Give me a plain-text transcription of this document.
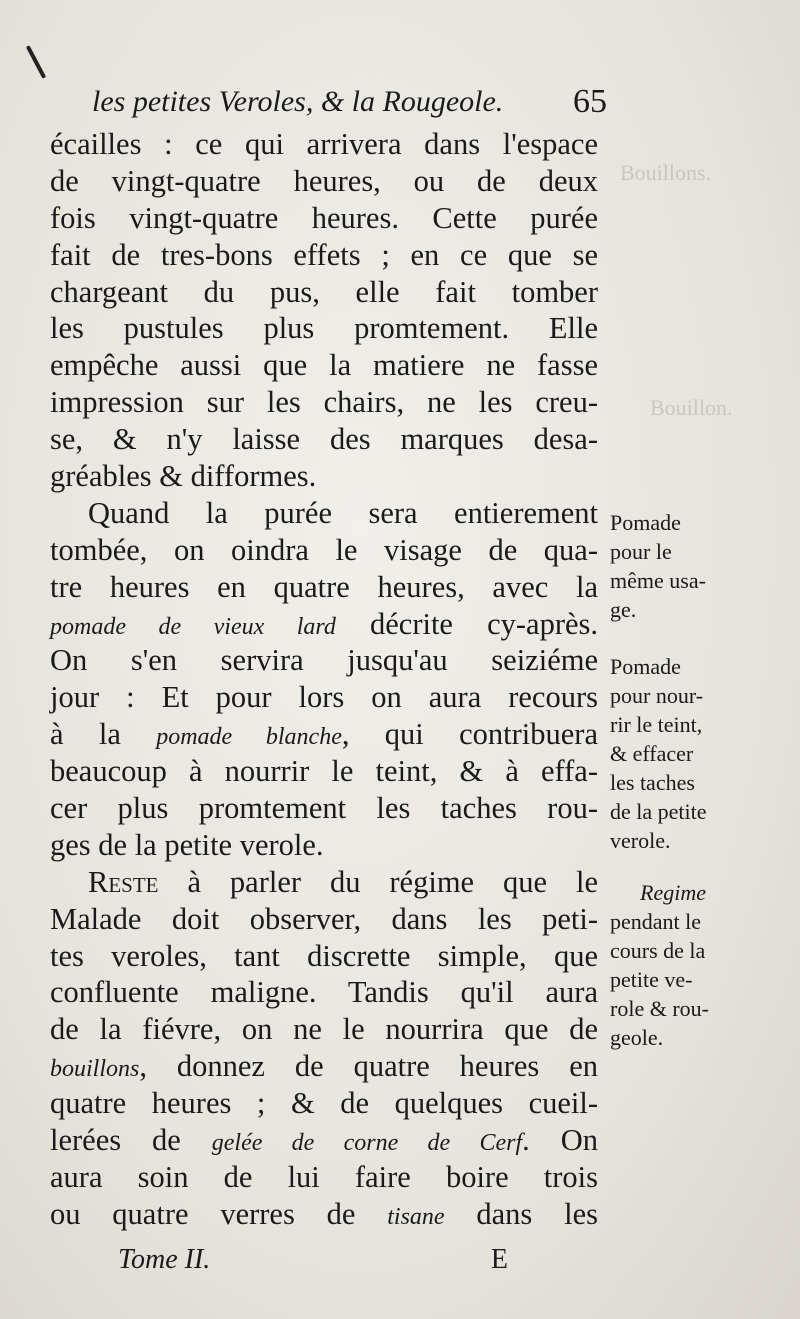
Bouillons.
Bouillon.
les petites Veroles, & la Rougeole. 65
écailles : ce qui arrivera dans l'espace
de vingt-quatre heures, ou de deux
fois vingt-quatre heures. Cette purée
fait de tres-bons effets ; en ce que se
chargeant du pus, elle fait tomber
les pustules plus promtement. Elle
empêche aussi que la matiere ne fasse
impression sur les chairs, ne les creu-
se, & n'y laisse des marques desa-
gréables & difformes.
Quand la purée sera entierement
tombée, on oindra le visage de qua-
tre heures en quatre heures, avec la
pomade de vieux lard décrite cy-après.
On s'en servira jusqu'au seiziéme
jour : Et pour lors on aura recours
à la pomade blanche, qui contribuera
beaucoup à nourrir le teint, & à effa-
cer plus promtement les taches rou-
ges de la petite verole.
Reste à parler du régime que le
Malade doit observer, dans les peti-
tes veroles, tant discrette simple, que
confluente maligne. Tandis qu'il aura
de la fiévre, on ne le nourrira que de
bouillons, donnez de quatre heures en
quatre heures ; & de quelques cueil-
lerées de gelée de corne de Cerf. On
aura soin de lui faire boire trois
ou quatre verres de tisane dans les
Pomade
pour le
même usa-
ge.
Pomade
pour nour-
rir le teint,
& effacer
les taches
de la petite
verole.
Regime
pendant le
cours de la
petite ve-
role & rou-
geole.
Tome II.	E
